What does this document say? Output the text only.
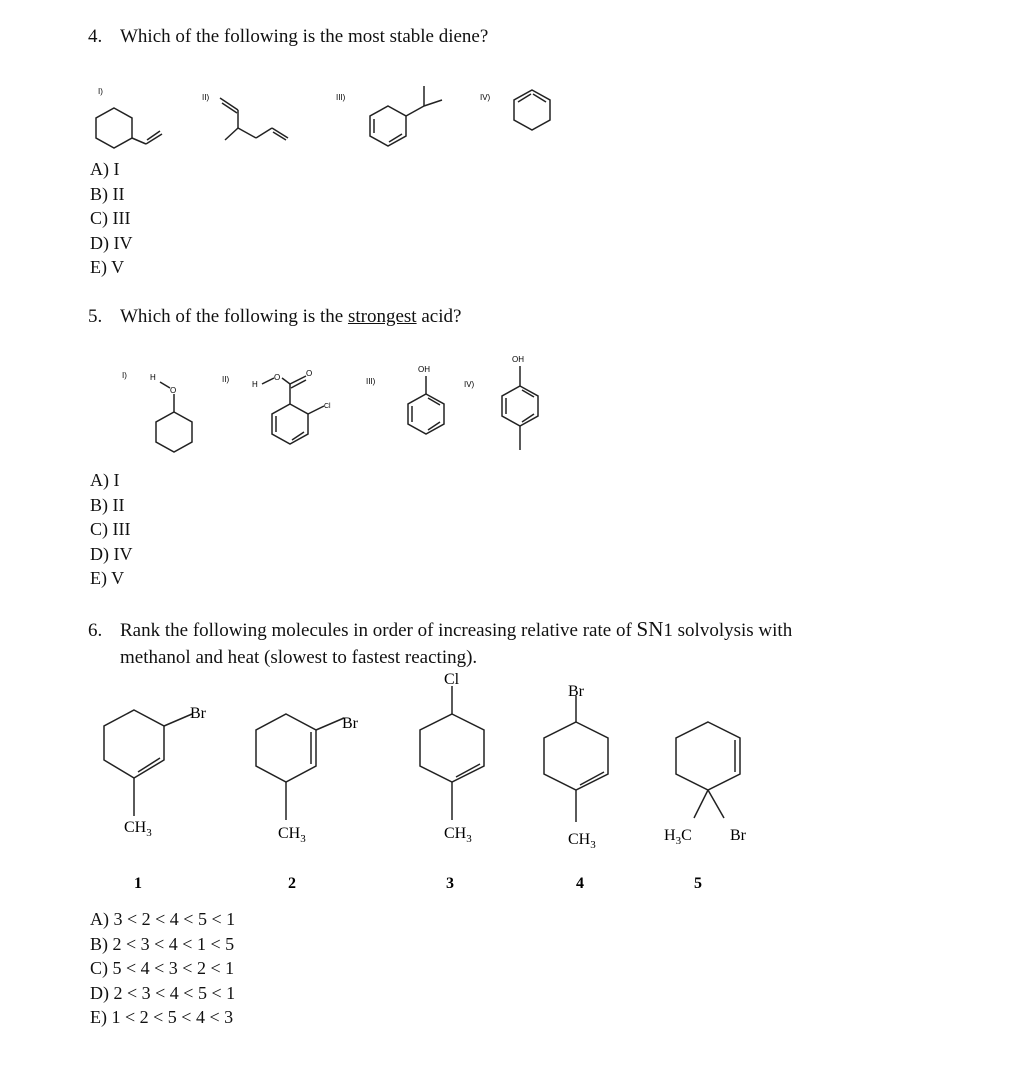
4. Which of the following is the most stable diene?
I)
II)	III)	IV)
A) I
B) II
C) III
D) IV
E) V
5. Which of the following is the strongest acid?
I)	H
O
II)
H
O	O
Cl
III)
OH
IV)
OH
A) I
B) II
C) III
D) IV
E) V
6. Rank the following molecules in order of increasing relative rate of SN1 solvolysis with
methanol and heat (slowest to fastest reacting).
Br
$CH_3$
Br
$CH_3$
Cl
$CH_3$
Br
$CH_3$
$H_3C$ Br
1	2	3	4	5
A) 3 < 2 < 4 < 5 < 1
B) 2 < 3 < 4 < 1 < 5
C) 5 < 4 < 3 < 2 < 1
D) 2 < 3 < 4 < 5 < 1
E) 1 < 2 < 5 < 4 < 3
